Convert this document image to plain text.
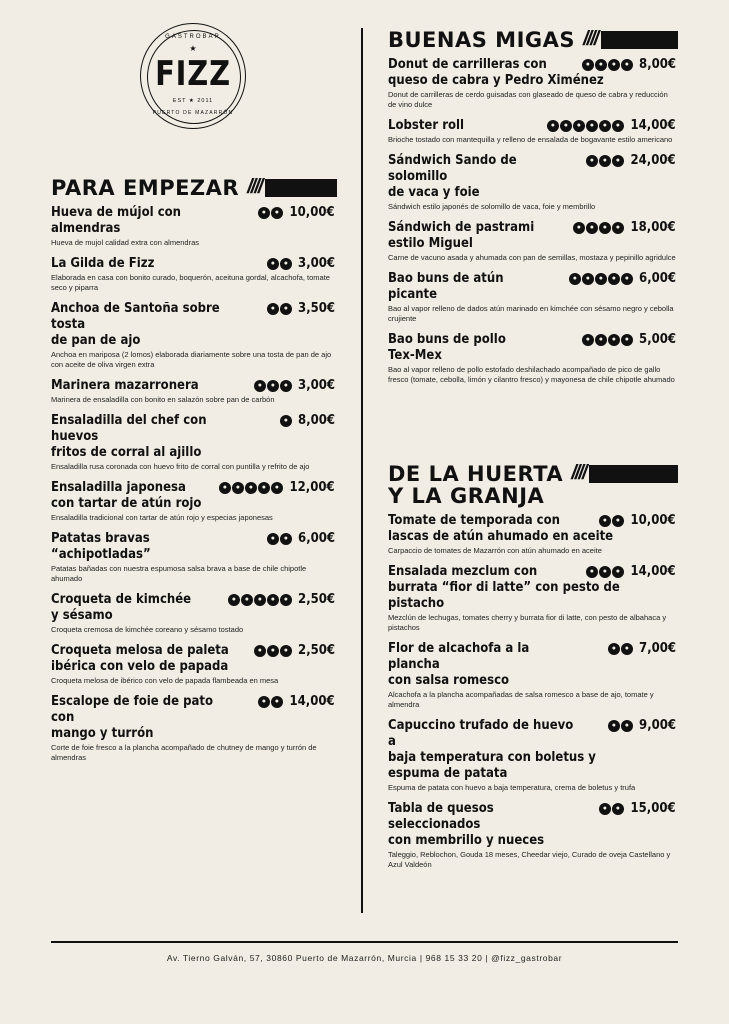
GASTROBAR
★
FIZZ
EST ★ 2011
PUERTO DE MAZARRÓN
PARA EMPEZAR ////
Hueva de mújol con almendras
●	● 10,00€
Hueva de mujol calidad extra con almendras
La Gilda de Fizz	●	● 3,00€
Elaborada en casa con bonito curado, boquerón, aceituna gordal, alcachofa, tomate seco y piparra
Anchoa de Santoña sobre tosta
●	● 3,50€
de pan de ajo
Anchoa en mariposa (2 lomos) elaborada diariamente sobre una tosta de pan de ajo con aceite de oliva virgen extra
Marinera mazarronera	●	●	● 3,00€
Marinera de ensaladilla con bonito en salazón sobre pan de carbón
Ensaladilla del chef con huevos
● 8,00€
fritos de corral al ajillo
Ensaladilla rusa coronada con huevo frito de corral con puntilla y refrito de ajo
Ensaladilla japonesa	●	●	●	●	● 12,00€
con tartar de atún rojo
Ensaladilla tradicional con tartar de atún rojo y especias japonesas
Patatas bravas “achipotladas”
●	● 6,00€
Patatas bañadas con nuestra espumosa salsa brava a base de chile chipotle ahumado
Croqueta de kimchée	●	●	●	●	● 2,50€
y sésamo
Croqueta cremosa de kimchée coreano y sésamo tostado
Croqueta melosa de paleta	●	●	● 2,50€
ibérica con velo de papada
Croqueta melosa de ibérico con velo de papada flambeada en mesa
Escalope de foie de pato con
●	● 14,00€
mango y turrón
Corte de foie fresco a la plancha acompañado de chutney de mango y turrón de almendras
BUENAS MIGAS ////
Donut de carrilleras con	●	●	●	● 8,00€
queso de cabra y Pedro Ximénez
Donut de carrilleras de cerdo guisadas con glaseado de queso de cabra y reducción de vino dulce
Lobster roll	●	●	●	●	●	● 14,00€
Brioche tostado con mantequilla y relleno de ensalada de bogavante estilo americano
Sándwich Sando de solomillo
●	●	● 24,00€
de vaca y foie
Sándwich estilo japonés de solomillo de vaca, foie y membrillo
Sándwich de pastrami	●	●	●	● 18,00€
estilo Miguel
Carne de vacuno asada y ahumada con pan de semillas, mostaza y pepinillo agridulce
Bao buns de atún	●	●	●	●	● 6,00€
picante
Bao al vapor relleno de dados atún marinado en kimchée con sésamo negro y cebolla crujiente
Bao buns de pollo	●	●	●	● 5,00€
Tex-Mex
Bao al vapor relleno de pollo estofado deshilachado acompañado de pico de gallo fresco (tomate, cebolla, limón y cilantro fresco) y mayonesa de chile chipotle ahumado
DE LA HUERTA ////
Y LA GRANJA
Tomate de temporada con	●	● 10,00€
lascas de atún ahumado en aceite
Carpaccio de tomates de Mazarrón con atún ahumado en aceite
Ensalada mezclum con	●	●	● 14,00€
burrata “fior di latte” con pesto de pistacho
Mezclún de lechugas, tomates cherry y burrata fior di latte, con pesto de albahaca y pistachos
Flor de alcachofa a la plancha
●	● 7,00€
con salsa romesco
Alcachofa a la plancha acompañadas de salsa romesco a base de ajo, tomate y almendra
Capuccino trufado de huevo a
●	● 9,00€
baja temperatura con boletus y espuma de patata
Espuma de patata con huevo a baja temperatura, crema de boletus y trufa
Tabla de quesos seleccionados
●	● 15,00€
con membrillo y nueces
Taleggio, Reblochon, Gouda 18 meses, Cheedar viejo, Curado de oveja Castellano y Azul Valdeón
Av. Tierno Galván, 57, 30860 Puerto de Mazarrón, Murcia | 968 15 33 20 | @fizz_gastrobar
